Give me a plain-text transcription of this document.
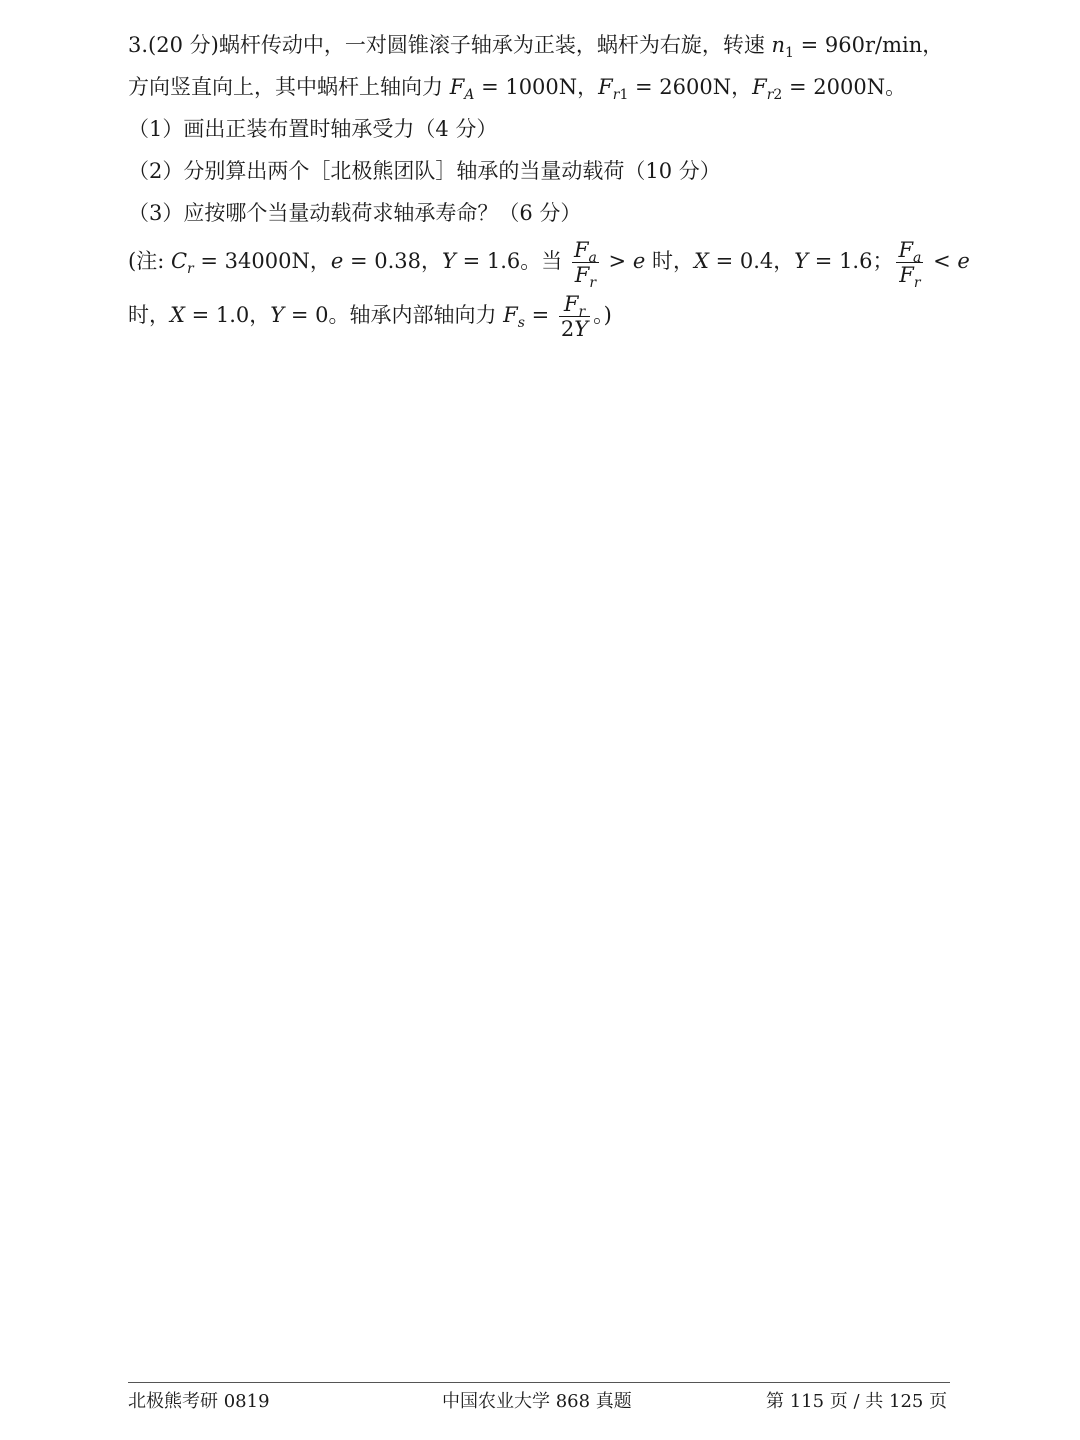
3.(20 分)蜗杆传动中，一对圆锥滚子轴承为正装，蜗杆为右旋，转速 $n_1 = 960r/\min$，
方向竖直向上，其中蜗杆上轴向力 $F_A = 1000N$，$F_{r1} = 2600N$，$F_{r2} = 2000N$。
（1）画出正装布置时轴承受力（4 分）
（2）分别算出两个［北极熊团队］轴承的当量动载荷（10 分）
（3）应按哪个当量动载荷求轴承寿命？（6 分）
(注: $C_r = 34000N$，e = 0.38，Y = 1.6。当 $\frac{F_a}{F_r} > e$ 时，X = 0.4，Y = 1.6； $\frac{F_a}{F_r} < e$
时，X = 1.0，Y = 0。轴承内部轴向力 $F_s = \frac{F_r}{2Y}$ 。)
北极熊考研 0819	中国农业大学 868 真题	第 115 页 / 共 125 页
